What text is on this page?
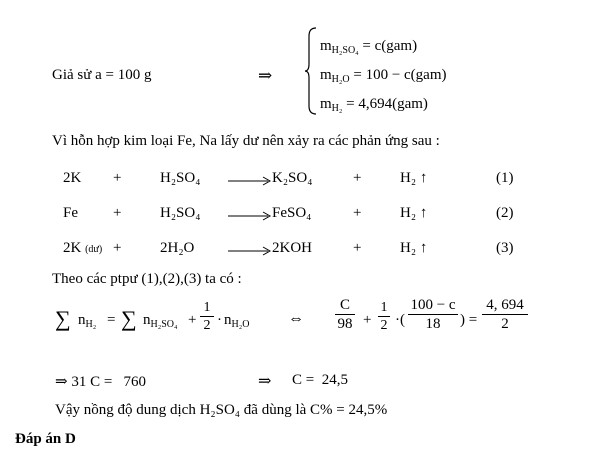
Giả sử a = 100 g	⇒
$m_{H_2SO_4} = c(gam)$
$m_{H_2O} = 100 - c(gam)$
$m_{H_2} = 4,694(gam)$
Vì hỗn hợp kim loại Fe, Na lấy dư nên xảy ra các phản ứng sau :
2K +	H₂SO₄ → K₂SO₄	+	H₂ ↑	(1)
Fe +	H₂SO₄ → FeSO₄	+	H₂ ↑	(2)
2K (dư) +	2H₂O → 2KOH	+	H₂ ↑	(3)
Theo các ptpư (1),(2),(3) ta có :
∑ $n_{H_2}$ = ∑ $n_{H_2SO_4} + \frac{1}{2} \cdot n_{H_2O}$ ⇔ $\frac{C}{98} + \frac{1}{2}$ ·( $\frac{100 - c}{18}$ ) = $\frac{4, 694}{2}$
⇒ 31 C =   760	⇒ C =  24,5
Vậy nồng độ dung dịch H₂SO₄ đã dùng là C% = 24,5%
Đáp án D
